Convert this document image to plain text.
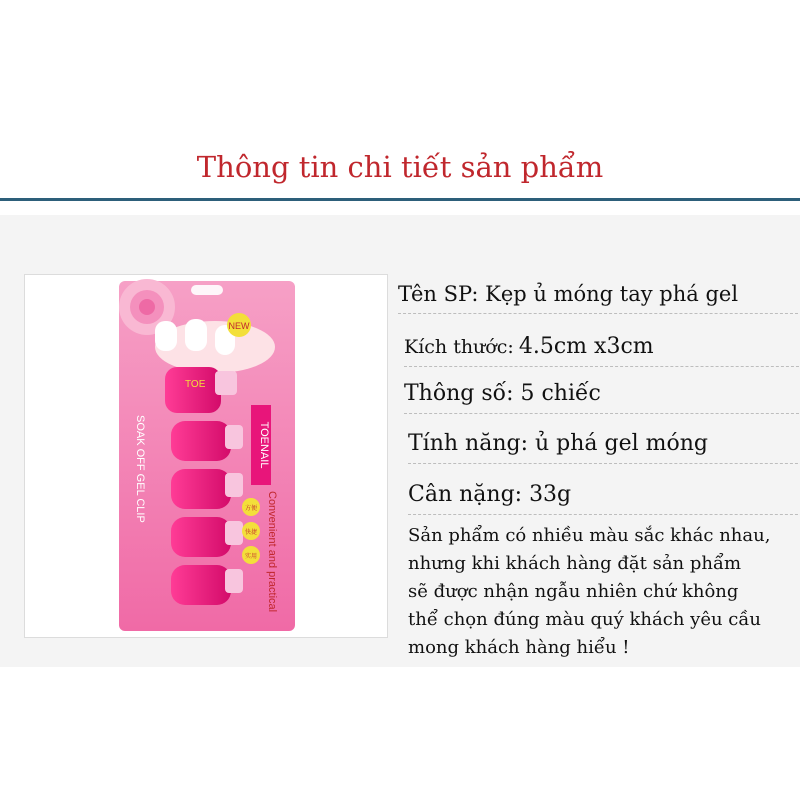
Thông tin chi tiết sản phẩm
NEW
TOE
TOENAIL
SOAK OFF GEL CLIP
Convenient and practical
方便
快捷
实用
Tên SP: Kẹp ủ móng tay phá gel
Kích thước: 4.5cm x3cm
Thông số: 5 chiếc
Tính năng: ủ phá gel móng
Cân nặng: 33g
Sản phẩm có nhiều màu sắc khác nhau,
nhưng khi khách hàng đặt sản phẩm
sẽ được nhận ngẫu nhiên chứ không
thể chọn đúng màu quý khách yêu cầu
mong khách hàng hiểu !
